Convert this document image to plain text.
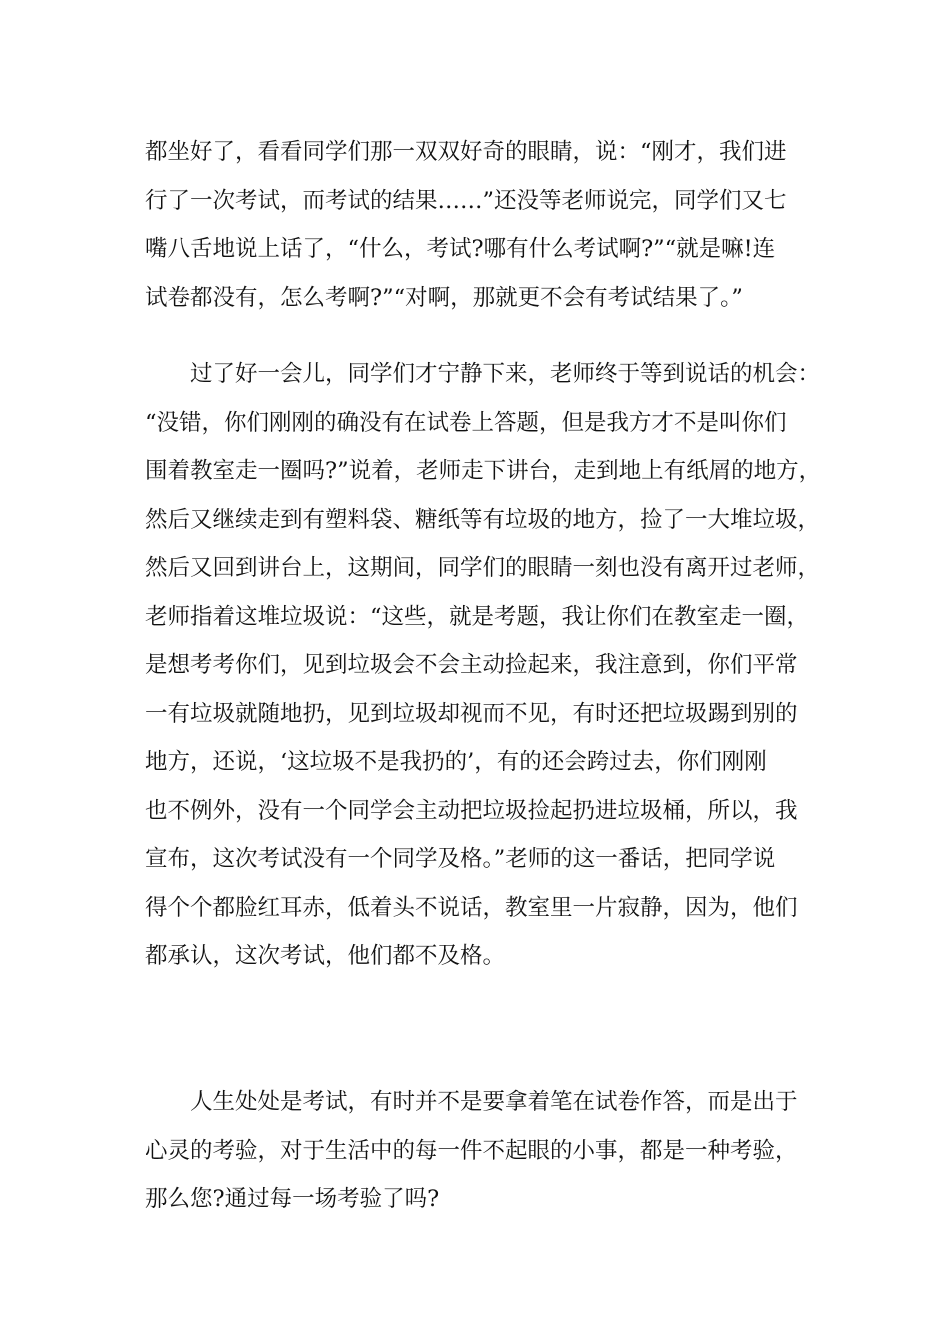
都坐好了，看看同学们那一双双好奇的眼睛，说：“刚才，我们进
行了一次考试，而考试的结果……”还没等老师说完，同学们又七
嘴八舌地说上话了，“什么，考试?哪有什么考试啊?”“就是嘛!连
试卷都没有，怎么考啊?”“对啊，那就更不会有考试结果了。”

过了好一会儿，同学们才宁静下来，老师终于等到说话的机会：
“没错，你们刚刚的确没有在试卷上答题，但是我方才不是叫你们
围着教室走一圈吗?”说着，老师走下讲台，走到地上有纸屑的地方，
然后又继续走到有塑料袋、糖纸等有垃圾的地方，捡了一大堆垃圾，
然后又回到讲台上，这期间，同学们的眼睛一刻也没有离开过老师，
老师指着这堆垃圾说：“这些，就是考题，我让你们在教室走一圈，
是想考考你们，见到垃圾会不会主动捡起来，我注意到，你们平常
一有垃圾就随地扔，见到垃圾却视而不见，有时还把垃圾踢到别的
地方，还说，‘这垃圾不是我扔的’，有的还会跨过去，你们刚刚
也不例外，没有一个同学会主动把垃圾捡起扔进垃圾桶，所以，我
宣布，这次考试没有一个同学及格。”老师的这一番话，把同学说
得个个都脸红耳赤，低着头不说话，教室里一片寂静，因为，他们
都承认，这次考试，他们都不及格。

人生处处是考试，有时并不是要拿着笔在试卷作答，而是出于
心灵的考验，对于生活中的每一件不起眼的小事，都是一种考验，
那么您?通过每一场考验了吗?
